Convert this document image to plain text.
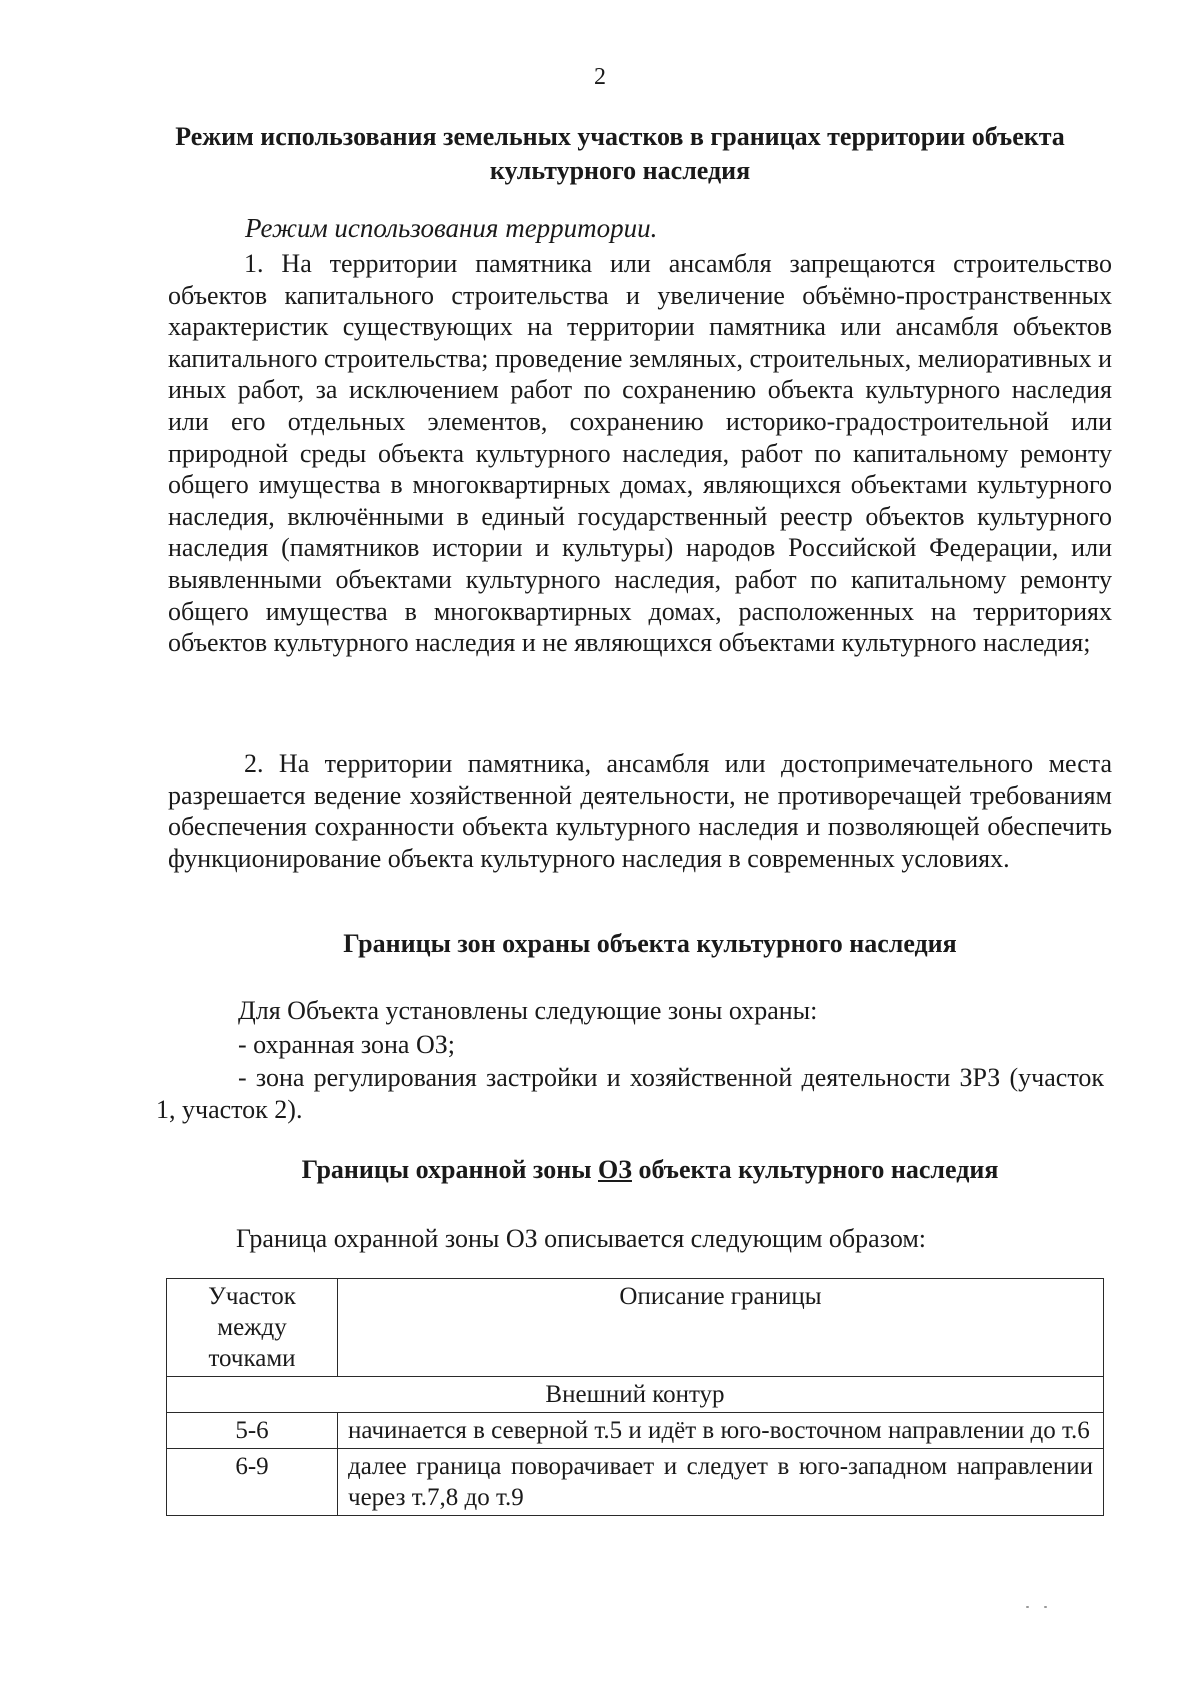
2
Режим использования земельных участков в границах территории объекта культурного наследия
Режим использования территории.

1. На территории памятника или ансамбля запрещаются строительство объектов капитального строительства и увеличение объёмно-пространственных характеристик существующих на территории памятника или ансамбля объектов капитального строительства; проведение земляных, строительных, мелиоративных и иных работ, за исключением работ по сохранению объекта культурного наследия или его отдельных элементов, сохранению историко-градостроительной или природной среды объекта культурного наследия, работ по капитальному ремонту общего имущества в многоквартирных домах, являющихся объектами культурного наследия, включёнными в единый государственный реестр объектов культурного наследия (памятников истории и культуры) народов Российской Федерации, или выявленными объектами культурного наследия, работ по капитальному ремонту общего имущества в многоквартирных домах, расположенных на территориях объектов культурного наследия и не являющихся объектами культурного наследия;

2. На территории памятника, ансамбля или достопримечательного места разрешается ведение хозяйственной деятельности, не противоречащей требованиям обеспечения сохранности объекта культурного наследия и позволяющей обеспечить функционирование объекта культурного наследия в современных условиях.

Границы зон охраны объекта культурного наследия
Для Объекта установлены следующие зоны охраны:
- охранная зона ОЗ;
- зона регулирования застройки и хозяйственной деятельности ЗРЗ (участок 1, участок 2).
Границы охранной зоны ОЗ объекта культурного наследия
Граница охранной зоны ОЗ описывается следующим образом:
Участок между точками	Описание границы
Внешний контур	
5-6	начинается в северной т.5 и идёт в юго-восточном направлении до т.6
6-9	далее граница поворачивает и следует в юго-западном направлении через т.7,8 до т.9
